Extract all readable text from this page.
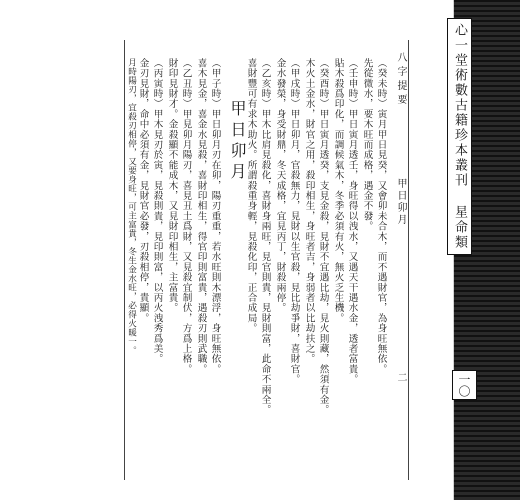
八字提要
甲日卯月
二
（癸未時）寅月甲日見癸，又會卯未合木，而不遇財官，為身旺無依。
先從微水，要木旺而成格，遇金不發。
（壬申時）甲日寅月透壬，身旺得以洩水，又遇天干遇水金，透者富貴。
貼木殺爲印化，而調候氣木，冬季必須有火，無火乏生機。
（癸酉時）甲日寅月透癸，支見金殺，見財不宜遇比劫，見火則藏，然須有金。
木火土金水，財官之用，殺印相生，身旺者吉，身弱者以比劫扶之。
（甲戌時）甲日卯月，官殺無力，見財以生官殺，見比劫爭財，喜財官。
金水發榮，身受財鼎，冬天成格，宜見丙丁，財殺兩停。
（乙亥時）甲木比肩見殺化，喜財身兩旺，見官則貴，見財則富，此命不兩全。
喜財豐可有求木助火。所謂殺重身輕，見殺化印，正合成局。
甲日卯月
（甲子時）甲日卯月刃在卯，陽刃重重，若水旺則木漂浮，身旺無依。
喜木見金，喜金水見殺，喜財印相生，得官印則富貴，遇殺刃則武職。
（乙丑時）甲見卯月陽刃，喜見丑土爲財，又見殺宜制伏，方爲上格。
財印見財才。金殺顯不能成木，又見財印相生，主富貴。
（丙寅時）甲木見刃於寅，見殺則貴，見印則富，以丙火洩秀爲美。
金刃見財，命中必須有金，見財官必發，刃殺相停，貴顯。
月時陽刃，宜殺刃相停，又要身旺，可主富貴，冬生金水旺，必得火暖一。	心一堂術數古籍珍本叢刊 星命類
一〇
